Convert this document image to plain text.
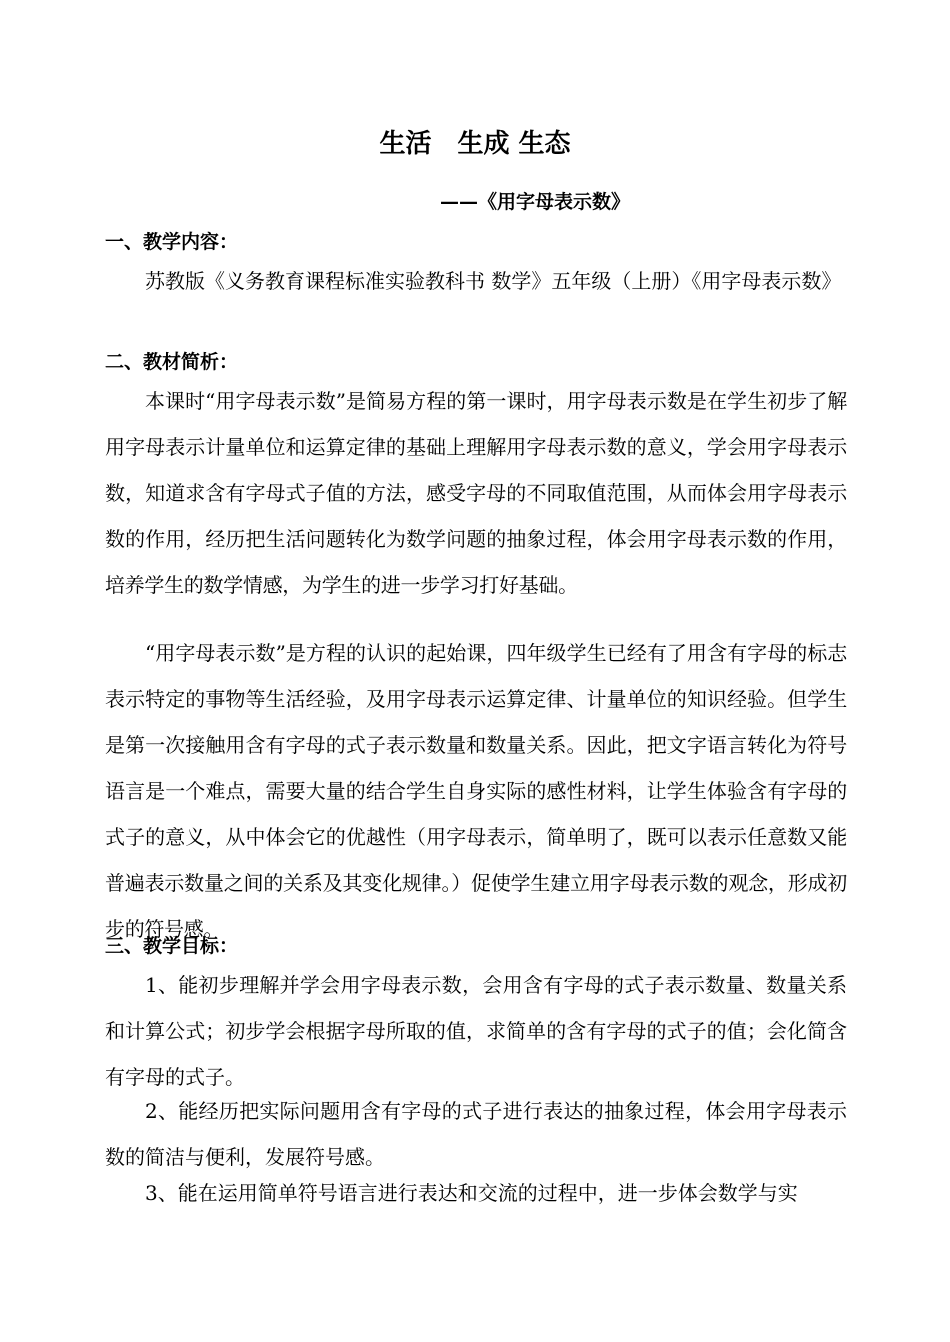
生活　生成 生态
——《用字母表示数》
一、教学内容：

苏教版《义务教育课程标准实验教科书 数学》五年级（上册）《用字母表示数》

二、教材简析：

本课时“用字母表示数”是简易方程的第一课时，用字母表示数是在学生初步了解用字母表示计量单位和运算定律的基础上理解用字母表示数的意义，学会用字母表示数，知道求含有字母式子值的方法，感受字母的不同取值范围，从而体会用字母表示数的作用，经历把生活问题转化为数学问题的抽象过程，体会用字母表示数的作用，培养学生的数学情感，为学生的进一步学习打好基础。

“用字母表示数”是方程的认识的起始课，四年级学生已经有了用含有字母的标志表示特定的事物等生活经验，及用字母表示运算定律、计量单位的知识经验。但学生是第一次接触用含有字母的式子表示数量和数量关系。因此，把文字语言转化为符号语言是一个难点，需要大量的结合学生自身实际的感性材料，让学生体验含有字母的式子的意义，从中体会它的优越性（用字母表示，简单明了，既可以表示任意数又能普遍表示数量之间的关系及其变化规律。）促使学生建立用字母表示数的观念，形成初步的符号感。

三、教学目标：

1、能初步理解并学会用字母表示数，会用含有字母的式子表示数量、数量关系和计算公式；初步学会根据字母所取的值，求简单的含有字母的式子的值；会化简含有字母的式子。

2、能经历把实际问题用含有字母的式子进行表达的抽象过程，体会用字母表示数的简洁与便利，发展符号感。

3、能在运用简单符号语言进行表达和交流的过程中，进一步体会数学与实
